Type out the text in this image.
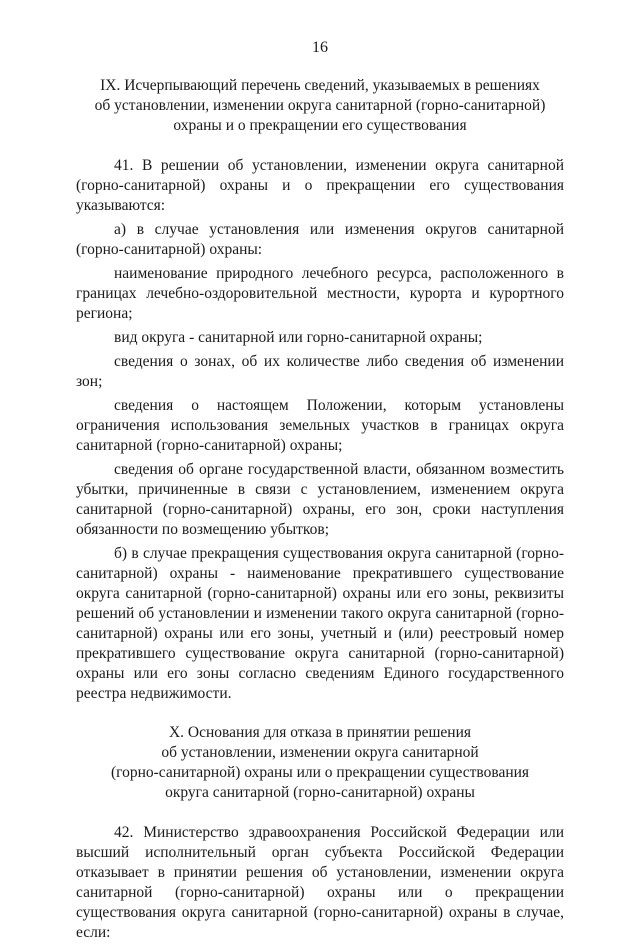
16
IX. Исчерпывающий перечень сведений, указываемых в решениях
об установлении, изменении округа санитарной (горно-санитарной)
охраны и о прекращении его существования

41. В решении об установлении, изменении округа санитарной (горно-санитарной) охраны и о прекращении его существования указываются:

а) в случае установления или изменения округов санитарной (горно-санитарной) охраны:

наименование природного лечебного ресурса, расположенного в границах лечебно-оздоровительной местности, курорта и курортного региона;

вид округа - санитарной или горно-санитарной охраны;

сведения о зонах, об их количестве либо сведения об изменении зон;

сведения о настоящем Положении, которым установлены ограничения использования земельных участков в границах округа санитарной (горно-санитарной) охраны;

сведения об органе государственной власти, обязанном возместить убытки, причиненные в связи с установлением, изменением округа санитарной (горно-санитарной) охраны, его зон, сроки наступления обязанности по возмещению убытков;

б) в случае прекращения существования округа санитарной (горно-санитарной) охраны - наименование прекратившего существование округа санитарной (горно-санитарной) охраны или его зоны, реквизиты решений об установлении и изменении такого округа санитарной (горно-санитарной) охраны или его зоны, учетный и (или) реестровый номер прекратившего существование округа санитарной (горно-санитарной) охраны или его зоны согласно сведениям Единого государственного реестра недвижимости.

X. Основания для отказа в принятии решения
об установлении, изменении округа санитарной
(горно-санитарной) охраны или о прекращении существования
округа санитарной (горно-санитарной) охраны

42. Министерство здравоохранения Российской Федерации или высший исполнительный орган субъекта Российской Федерации отказывает в принятии решения об установлении, изменении округа санитарной (горно-санитарной) охраны или о прекращении существования округа санитарной (горно-санитарной) охраны в случае, если:
